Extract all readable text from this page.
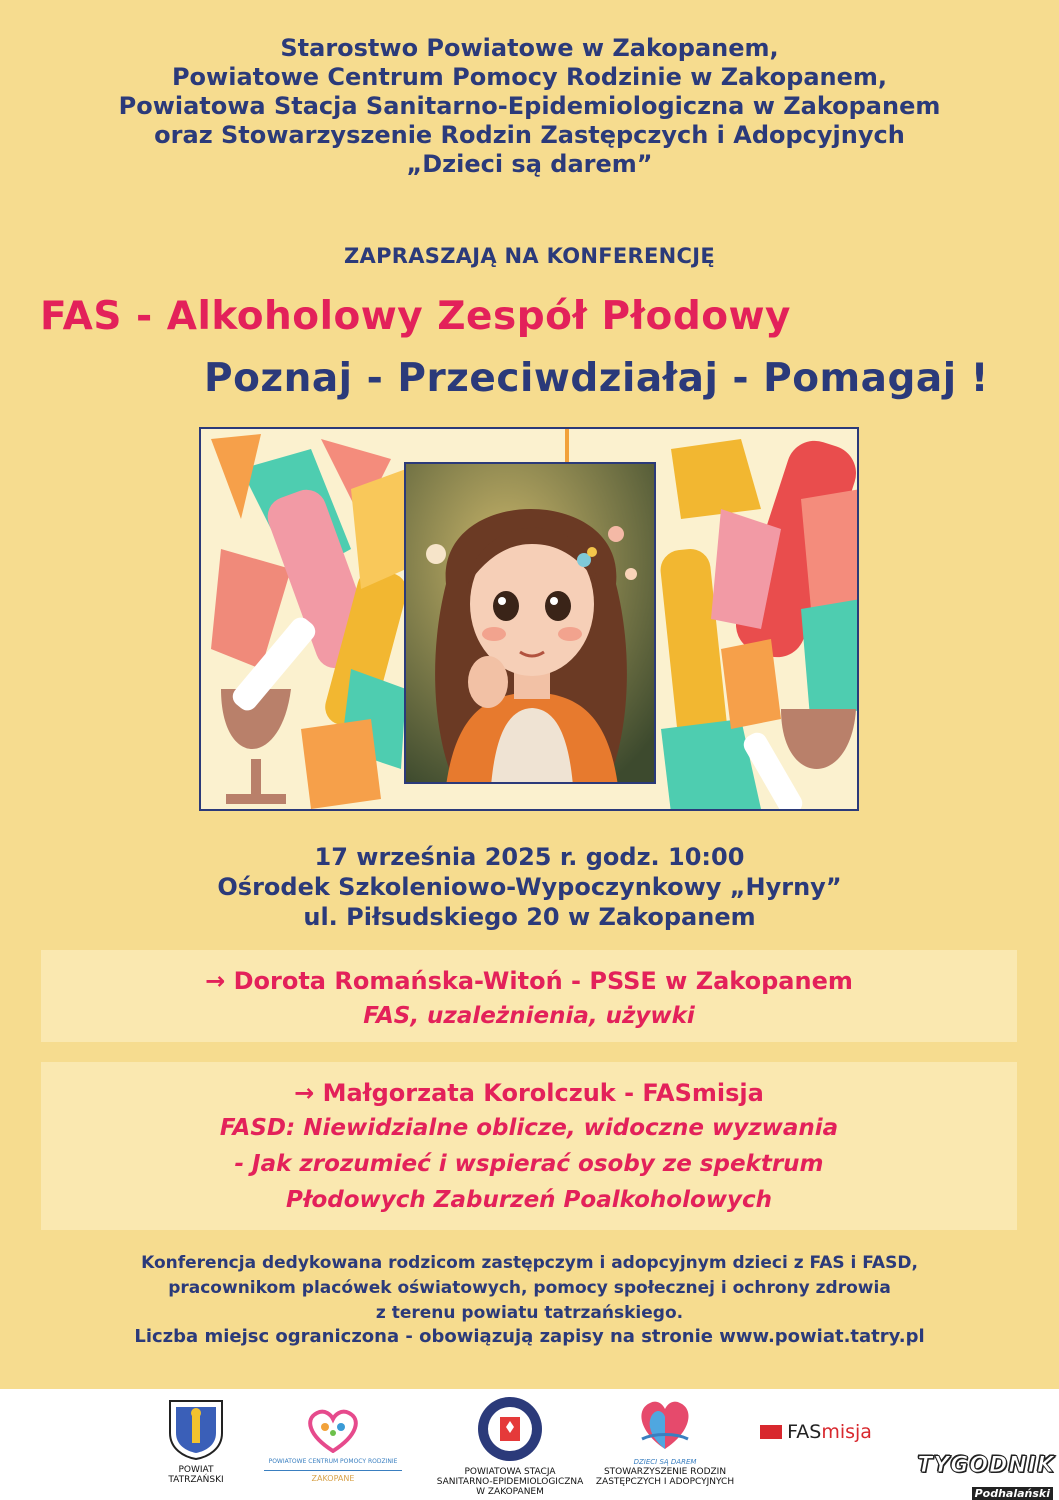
Starostwo Powiatowe w Zakopanem,
Powiatowe Centrum Pomocy Rodzinie w Zakopanem,
Powiatowa Stacja Sanitarno-Epidemiologiczna w Zakopanem
oraz Stowarzyszenie Rodzin Zastępczych i Adopcyjnych
„Dzieci są darem”
ZAPRASZAJĄ NA KONFERENCJĘ
FAS - Alkoholowy Zespół Płodowy
Poznaj - Przeciwdziałaj - Pomagaj !
17 września 2025 r. godz. 10:00
Ośrodek Szkoleniowo-Wypoczynkowy „Hyrny”
ul. Piłsudskiego 20 w Zakopanem
→ Dorota Romańska-Witoń - PSSE w Zakopanem
FAS, uzależnienia, używki
→ Małgorzata Korolczuk - FASmisja
FASD: Niewidzialne oblicze, widoczne wyzwania
- Jak zrozumieć i wspierać osoby ze spektrum
Płodowych Zaburzeń Poalkoholowych
Konferencja dedykowana rodzicom zastępczym i adopcyjnym dzieci z FAS i FASD,
pracownikom placówek oświatowych, pomocy społecznej i ochrony zdrowia
z terenu powiatu tatrzańskiego.
Liczba miejsc ograniczona - obowiązują zapisy na stronie www.powiat.tatry.pl
POWIAT
TATRZAŃSKI
POWIATOWE CENTRUM POMOCY RODZINIE
ZAKOPANE
POWIATOWA STACJA
SANITARNO-EPIDEMIOLOGICZNA
W ZAKOPANEM
DZIECI SĄ DAREM
STOWARZYSZENIE RODZIN
ZASTĘPCZYCH I ADOPCYJNYCH
FASmisja
TYGODNIK
Podhalański
